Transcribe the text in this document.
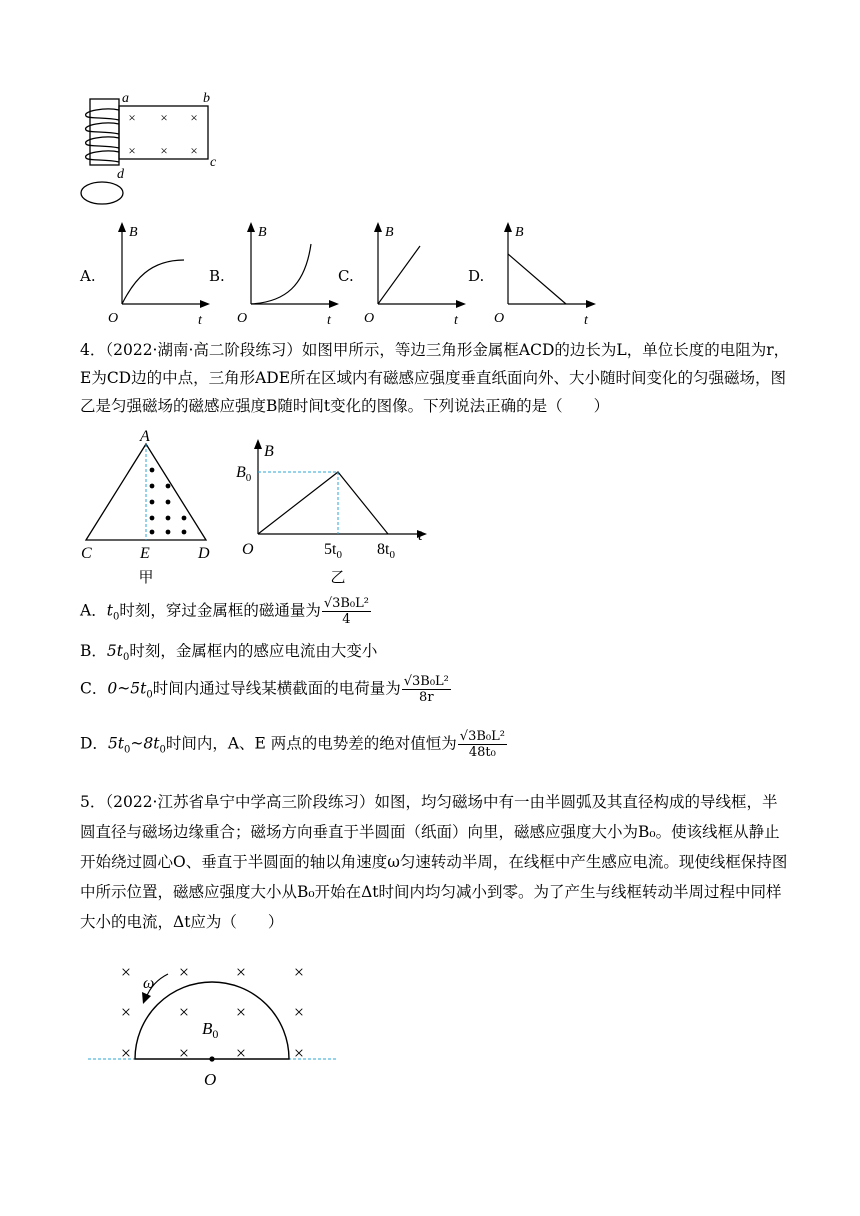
× × ×
× × ×
a	b
c
d
A.	B.	C.	D.
B
O	t
B
O	t
B
O	t
B
O	t
4．（2022·湖南·高二阶段练习）如图甲所示，等边三角形金属框ACD的边长为L，单位长度的电阻为r，E为CD边的中点，三角形ADE所在区域内有磁感应强度垂直纸面向外、大小随时间变化的匀强磁场，图乙是匀强磁场的磁感应强度B随时间t变化的图像。下列说法正确的是（　　）
A
C	E	D
甲
B
$B_0$
O	$5t_0$ $8t_0$
t
乙
A．$t_0$时刻，穿过金属框的磁通量为 $\frac{\text{√3B₀L²}}{4}$
B．$5t_0$时刻，金属框内的感应电流由大变小
C．$0\sim 5t_0$时间内通过导线某横截面的电荷量为 $\frac{\text{√3B₀L²}}{8r}$
D．$5t_0\sim 8t_0$时间内，A、E 两点的电势差的绝对值恒为 $\frac{\text{√3B₀L²}}{\text{48t₀}}$
5．（2022·江苏省阜宁中学高三阶段练习）如图，均匀磁场中有一由半圆弧及其直径构成的导线框，半圆直径与磁场边缘重合；磁场方向垂直于半圆面（纸面）向里，磁感应强度大小为B₀。使该线框从静止开始绕过圆心O、垂直于半圆面的轴以角速度ω匀速转动半周，在线框中产生感应电流。现使线框保持图中所示位置，磁感应强度大小从B₀开始在Δt时间内均匀减小到零。为了产生与线框转动半周过程中同样大小的电流，Δt应为（　　）
×	×	×	×
×	×	×	×
×	×	×	×
ω
$B_0$
O
